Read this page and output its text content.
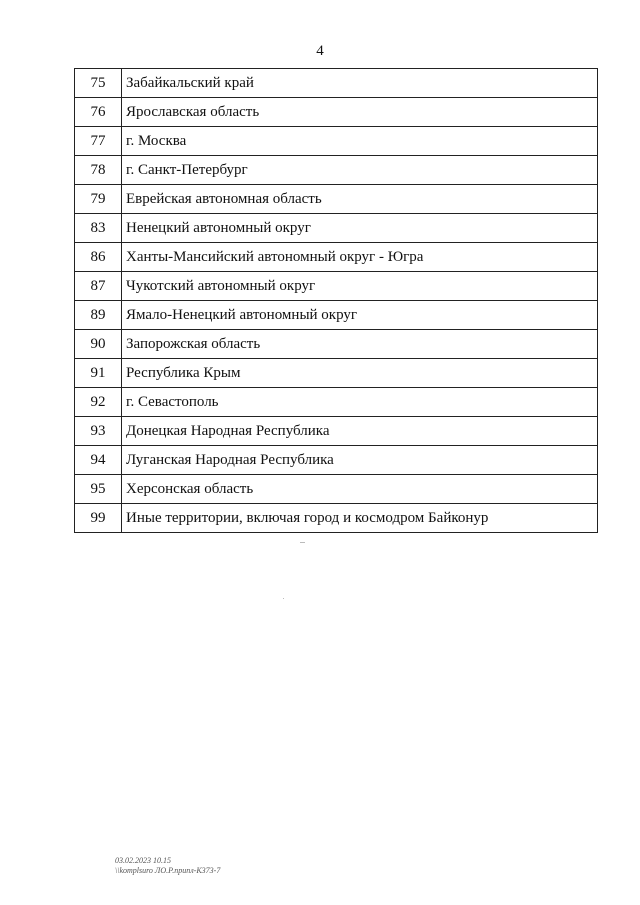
4
75	Забайкальский край
76	Ярославская область
77	г. Москва
78	г. Санкт-Петербург
79	Еврейская автономная область
83	Ненецкий автономный округ
86	Ханты-Мансийский автономный округ - Югра
87	Чукотский автономный округ
89	Ямало-Ненецкий автономный округ
90	Запорожская область
91	Республика Крым
92	г. Севастополь
93	Донецкая Народная Республика
94	Луганская Народная Республика
95	Херсонская область
99	Иные территории, включая город и космодром Байконур
03.02.2023 10.15
\\komplsuro ЛО.Р.припл-К373-7
